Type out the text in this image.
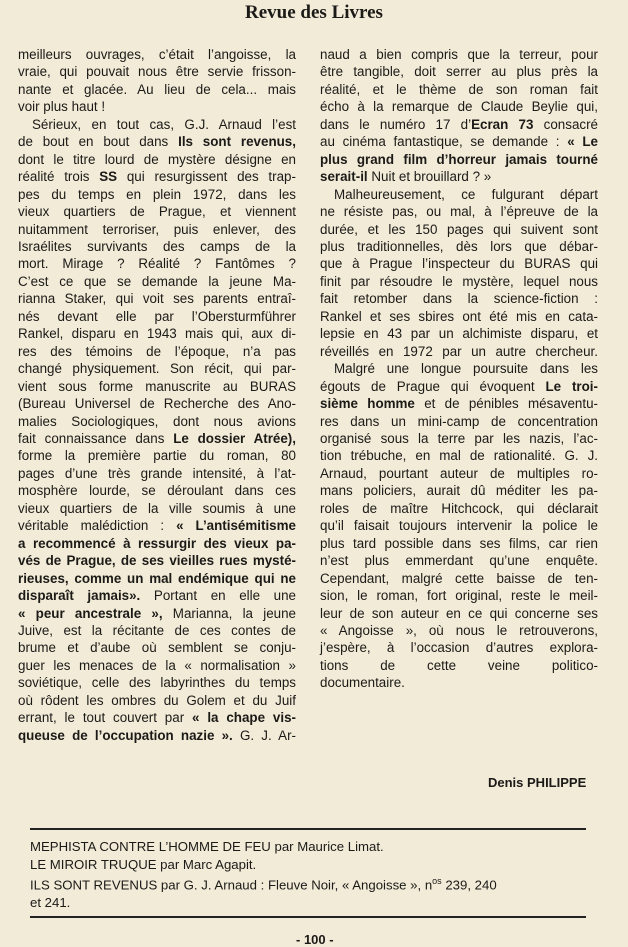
Revue des Livres
meilleurs ouvrages, c’était l’angoisse, la
vraie, qui pouvait nous être servie frisson-
nante et glacée. Au lieu de cela... mais
voir plus haut !
Sérieux, en tout cas, G.J. Arnaud l’est
de bout en bout dans Ils sont revenus,
dont le titre lourd de mystère désigne en
réalité trois SS qui resurgissent des trap-
pes du temps en plein 1972, dans les
vieux quartiers de Prague, et viennent
nuitamment terroriser, puis enlever, des
Israélites survivants des camps de la
mort. Mirage ? Réalité ? Fantômes ?
C’est ce que se demande la jeune Ma-
rianna Staker, qui voit ses parents entraî-
nés devant elle par l’Obersturmführer
Rankel, disparu en 1943 mais qui, aux di-
res des témoins de l’époque, n’a pas
changé physiquement. Son récit, qui par-
vient sous forme manuscrite au BURAS
(Bureau Universel de Recherche des Ano-
malies Sociologiques, dont nous avions
fait connaissance dans Le dossier Atrée),
forme la première partie du roman, 80
pages d’une très grande intensité, à l’at-
mosphère lourde, se déroulant dans ces
vieux quartiers de la ville soumis à une
véritable malédiction : « L’antisémitisme
a recommencé à ressurgir des vieux pa-
vés de Prague, de ses vieilles rues mysté-
rieuses, comme un mal endémique qui ne
disparaît jamais». Portant en elle une
« peur ancestrale », Marianna, la jeune
Juive, est la récitante de ces contes de
brume et d’aube où semblent se conju-
guer les menaces de la « normalisation »
soviétique, celle des labyrinthes du temps
où rôdent les ombres du Golem et du Juif
errant, le tout couvert par « la chape vis-
queuse de l’occupation nazie ». G. J. Ar-
naud a bien compris que la terreur, pour
être tangible, doit serrer au plus près la
réalité, et le thème de son roman fait
écho à la remarque de Claude Beylie qui,
dans le numéro 17 d’Ecran 73 consacré
au cinéma fantastique, se demande : « Le
plus grand film d’horreur jamais tourné
serait-il Nuit et brouillard ? »
Malheureusement, ce fulgurant départ
ne résiste pas, ou mal, à l’épreuve de la
durée, et les 150 pages qui suivent sont
plus traditionnelles, dès lors que débar-
que à Prague l’inspecteur du BURAS qui
finit par résoudre le mystère, lequel nous
fait retomber dans la science-fiction :
Rankel et ses sbires ont été mis en cata-
lepsie en 43 par un alchimiste disparu, et
réveillés en 1972 par un autre chercheur.
Malgré une longue poursuite dans les
égouts de Prague qui évoquent Le troi-
sième homme et de pénibles mésaventu-
res dans un mini-camp de concentration
organisé sous la terre par les nazis, l’ac-
tion trébuche, en mal de rationalité. G. J.
Arnaud, pourtant auteur de multiples ro-
mans policiers, aurait dû méditer les pa-
roles de maître Hitchcock, qui déclarait
qu’il faisait toujours intervenir la police le
plus tard possible dans ses films, car rien
n’est plus emmerdant qu’une enquête.
Cependant, malgré cette baisse de ten-
sion, le roman, fort original, reste le meil-
leur de son auteur en ce qui concerne ses
« Angoisse », où nous le retrouverons,
j’espère, à l’occasion d’autres explora-
tions de cette veine politico-
documentaire.
Denis PHILIPPE
MEPHISTA CONTRE L’HOMME DE FEU par Maurice Limat.
LE MIROIR TRUQUE par Marc Agapit.
ILS SONT REVENUS par G. J. Arnaud : Fleuve Noir, « Angoisse », $n^{os}$ 239, 240
et 241.
- 100 -
